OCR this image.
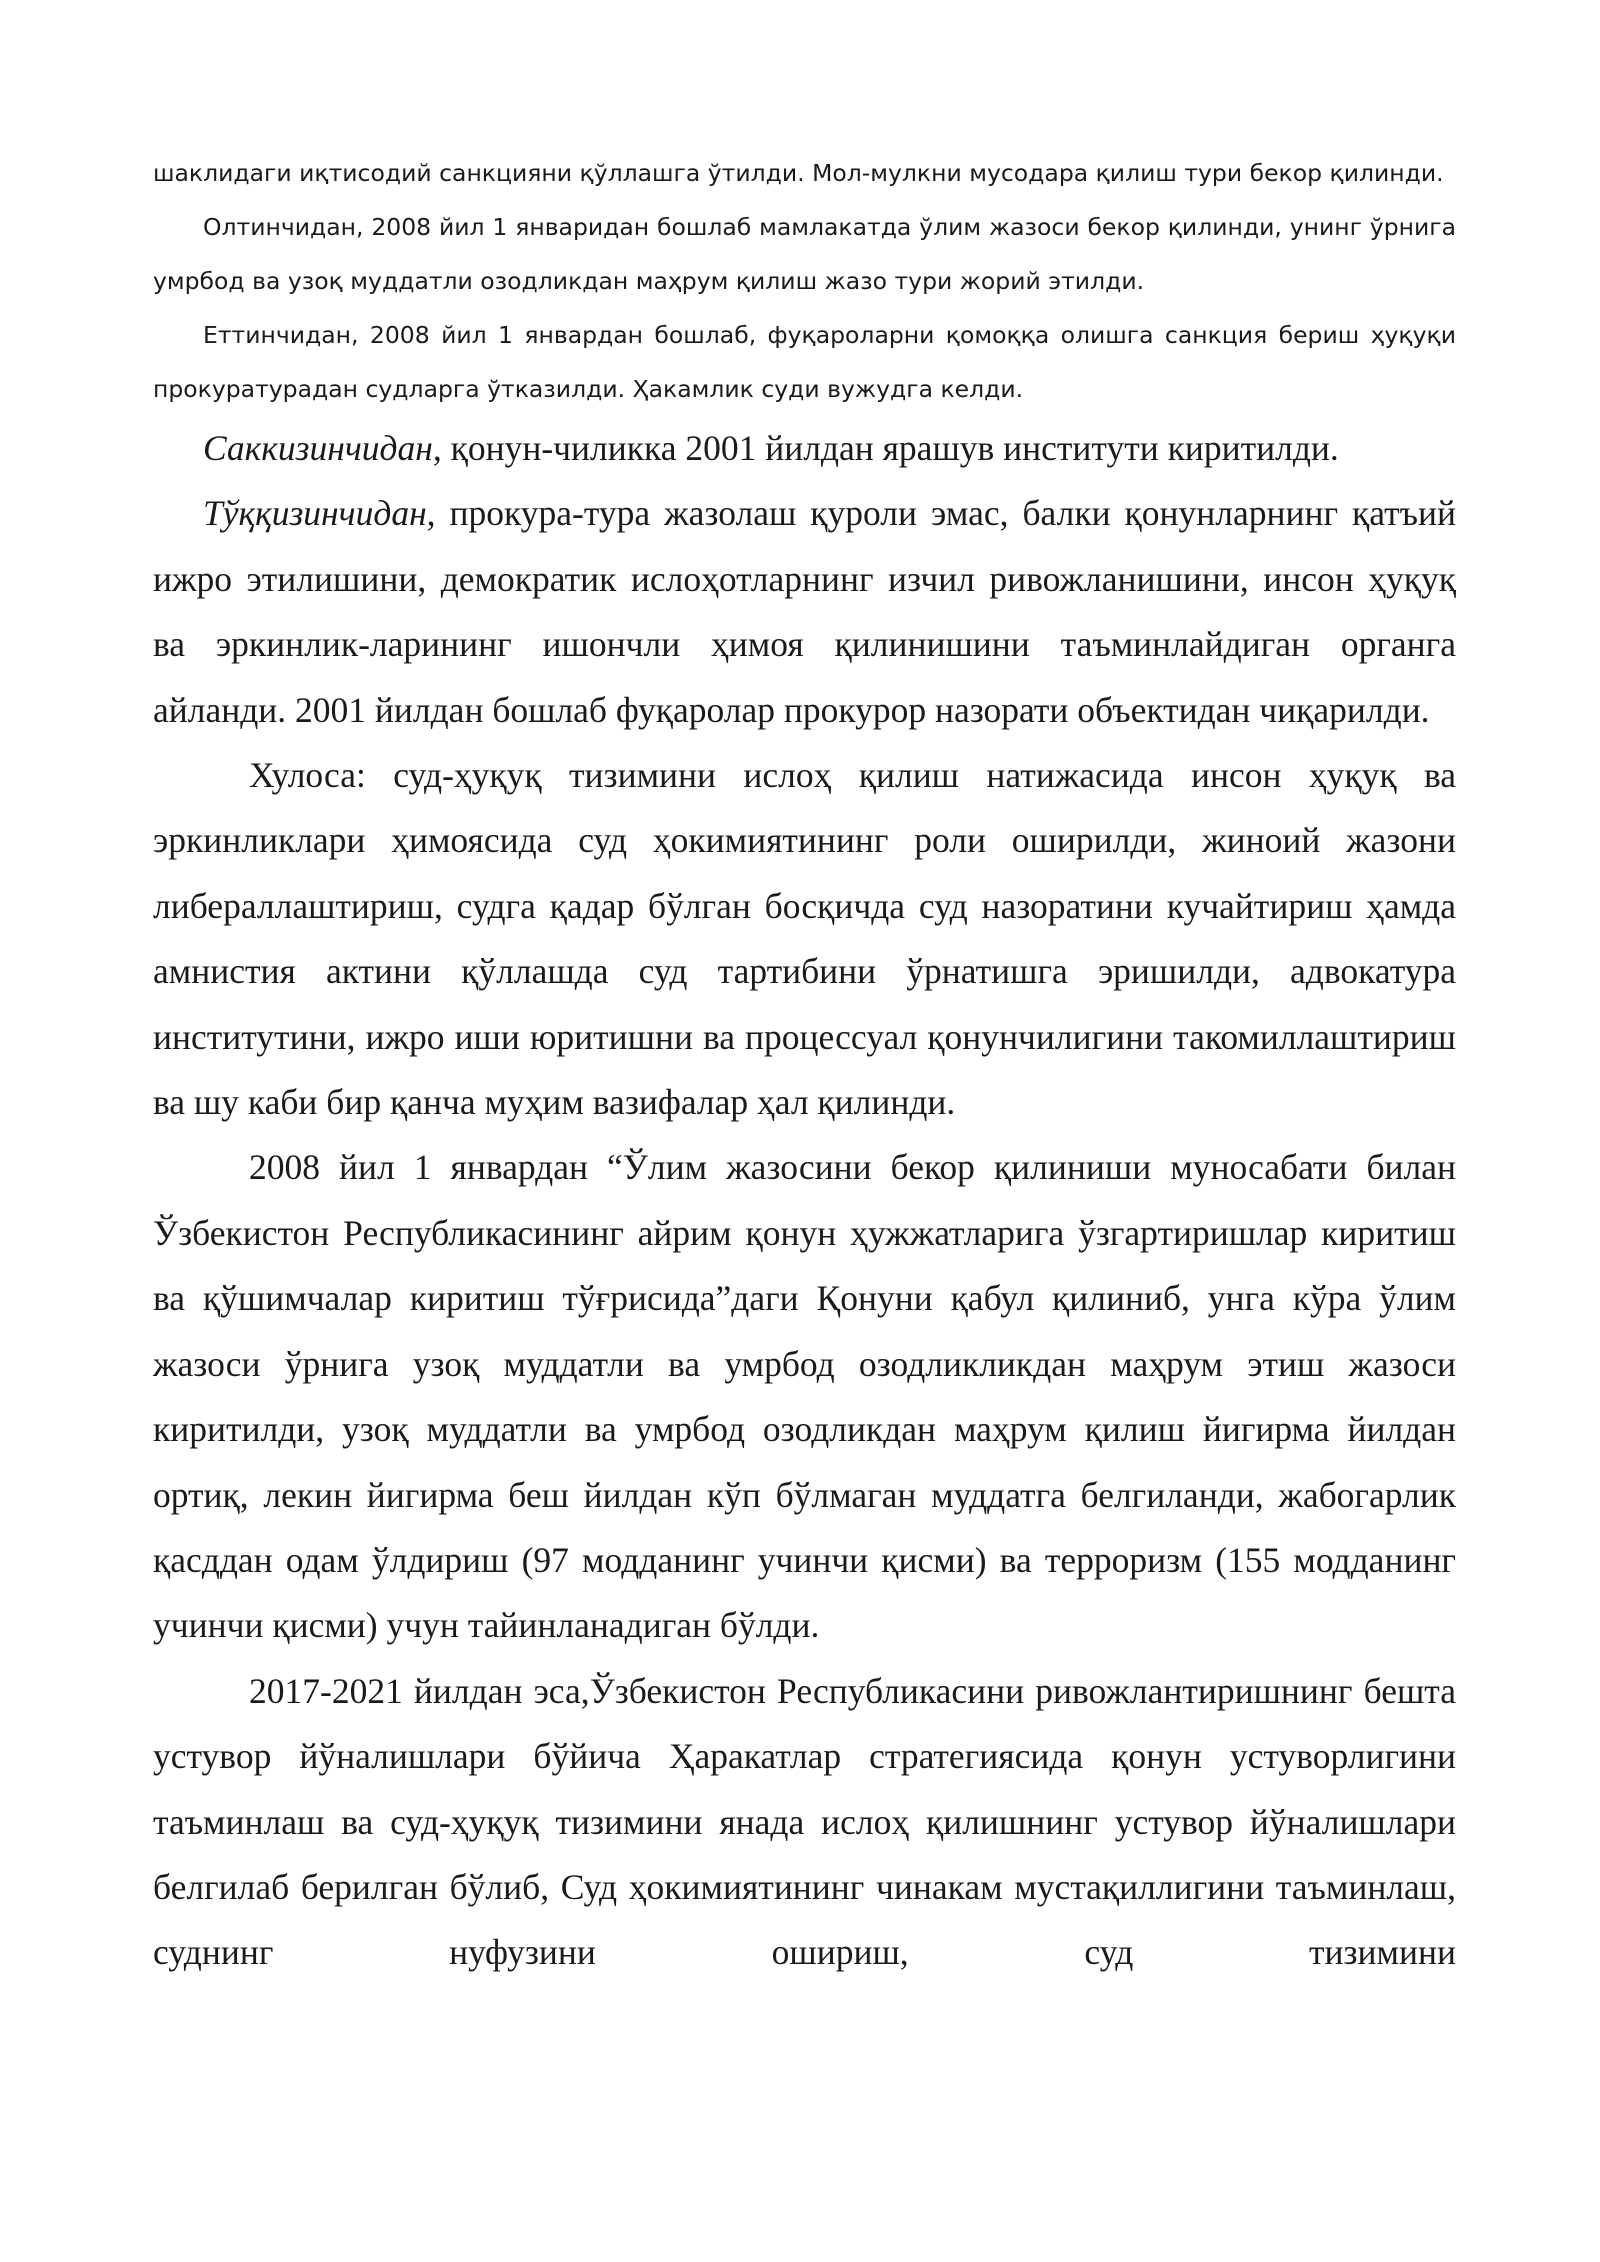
шаклидаги иқтисодий санкцияни қўллашга ўтилди. Мол-мулкни мусодара қилиш тури бекор қилинди.

Олтинчидан, 2008 йил 1 январидан бошлаб мамлакатда ўлим жазоси бекор қилинди, унинг ўрнига умрбод ва узоқ муддатли озодликдан маҳрум қилиш жазо тури жорий этилди.

Еттинчидан, 2008 йил 1 январдан бошлаб, фуқароларни қомоққа олишга санкция бериш ҳуқуқи прокуратурадан судларга ўтказилди. Ҳакамлик суди вужудга келди.

Саккизинчидан, қонун-чиликка 2001 йилдан ярашув институти киритилди.

Тўққизинчидан, прокура-тура жазолаш қуроли эмас, балки қонунларнинг қатъий ижро этилишини, демократик ислоҳотларнинг изчил ривожланишини, инсон ҳуқуқ ва эркинлик-ларининг ишончли ҳимоя қилинишини таъминлайдиган органга айланди. 2001 йилдан бошлаб фуқаролар прокурор назорати объектидан чиқарилди.

Хулоса: суд-ҳуқуқ тизимини ислоҳ қилиш натижасида инсон ҳуқуқ ва эркинликлари ҳимоясида суд ҳокимиятининг роли оширилди, жиноий жазони либераллаштириш, судга қадар бўлган босқичда суд назоратини кучайтириш ҳамда амнистия актини қўллашда суд тартибини ўрнатишга эришилди, адвокатура институтини, ижро иши юритишни ва процессуал қонунчилигини такомиллаштириш ва шу каби бир қанча муҳим вазифалар ҳал қилинди.

2008 йил 1 январдан “Ўлим жазосини бекор қилиниши муносабати билан Ўзбекистон Республикасининг айрим қонун ҳужжатларига ўзгартиришлар киритиш ва қўшимчалар киритиш тўғрисида”даги Қонуни қабул қилиниб, унга кўра ўлим жазоси ўрнига узоқ муддатли ва умрбод озодликликдан маҳрум этиш жазоси киритилди, узоқ муддатли ва умрбод озодликдан маҳрум қилиш йигирма йилдан ортиқ, лекин йигирма беш йилдан кўп бўлмаган муддатга белгиланди, жабогарлик қасддан одам ўлдириш (97 модданинг учинчи қисми) ва терроризм (155 модданинг учинчи қисми) учун тайинланадиган бўлди.

2017-2021 йилдан эса,Ўзбекистон Республикасини ривожлантиришнинг бешта устувор йўналишлари бўйича Ҳаракатлар стратегиясида қонун устуворлигини таъминлаш ва суд-ҳуқуқ тизимини янада ислоҳ қилишнинг устувор йўналишлари белгилаб берилган бўлиб, Суд ҳокимиятининг чинакам мустақиллигини таъминлаш, суднинг нуфузини ошириш, суд тизимини
